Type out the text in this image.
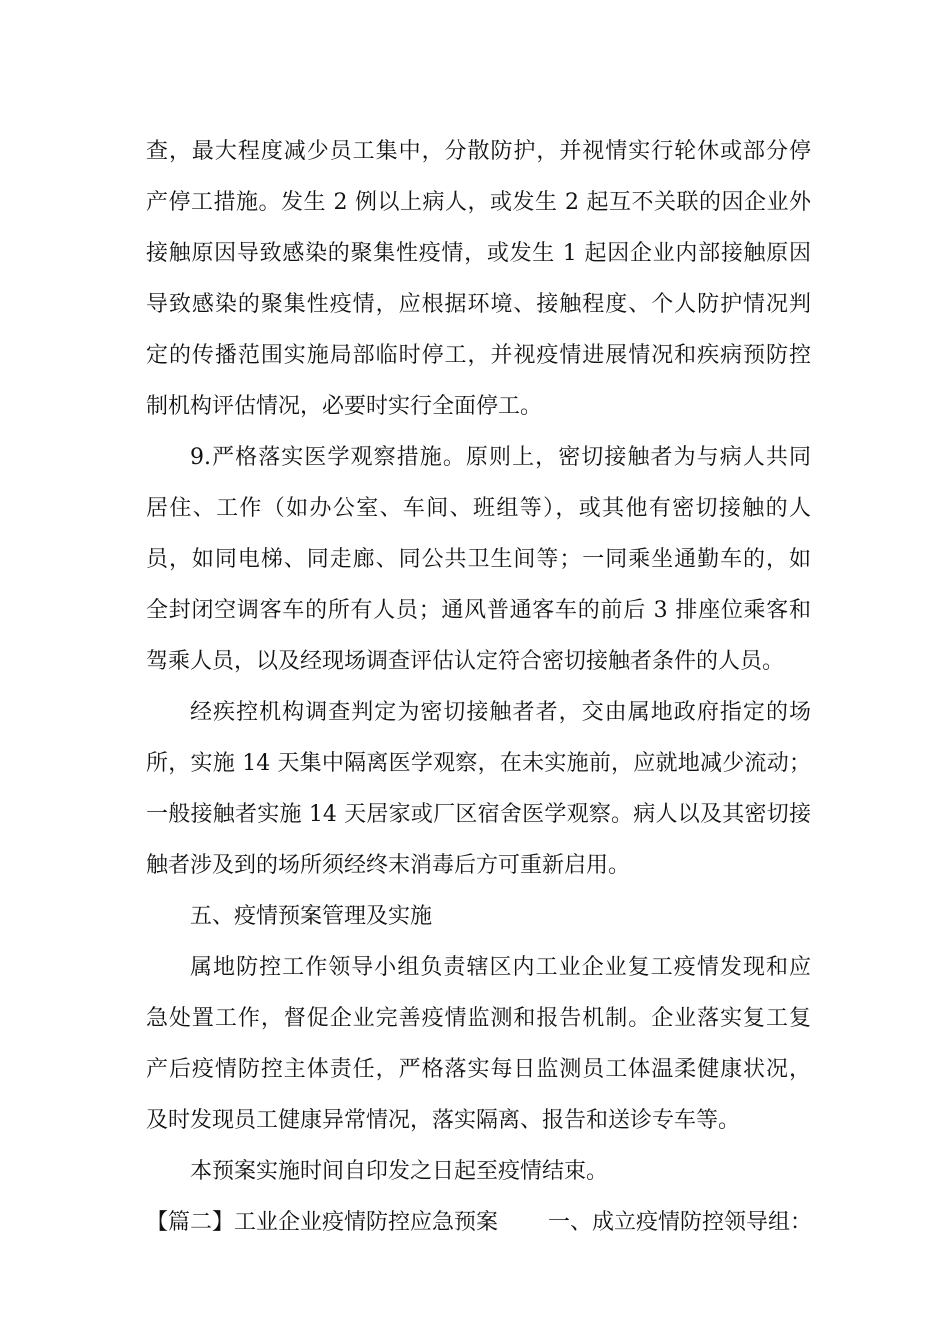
查，最大程度减少员工集中，分散防护，并视情实行轮休或部分停
产停工措施。发生 2 例以上病人，或发生 2 起互不关联的因企业外
接触原因导致感染的聚集性疫情，或发生 1 起因企业内部接触原因
导致感染的聚集性疫情，应根据环境、接触程度、个人防护情况判
定的传播范围实施局部临时停工，并视疫情进展情况和疾病预防控
制机构评估情况，必要时实行全面停工。
9.严格落实医学观察措施。原则上，密切接触者为与病人共同
居住、工作（如办公室、车间、班组等），或其他有密切接触的人
员，如同电梯、同走廊、同公共卫生间等；一同乘坐通勤车的，如
全封闭空调客车的所有人员；通风普通客车的前后 3 排座位乘客和
驾乘人员，以及经现场调查评估认定符合密切接触者条件的人员。
经疾控机构调查判定为密切接触者者，交由属地政府指定的场
所，实施 14 天集中隔离医学观察，在未实施前，应就地减少流动；
一般接触者实施 14 天居家或厂区宿舍医学观察。病人以及其密切接
触者涉及到的场所须经终末消毒后方可重新启用。
五、疫情预案管理及实施
属地防控工作领导小组负责辖区内工业企业复工疫情发现和应
急处置工作，督促企业完善疫情监测和报告机制。企业落实复工复
产后疫情防控主体责任，严格落实每日监测员工体温柔健康状况，
及时发现员工健康异常情况，落实隔离、报告和送诊专车等。
本预案实施时间自印发之日起至疫情结束。
【篇二】工业企业疫情防控应急预案 一、成立疫情防控领导组：
